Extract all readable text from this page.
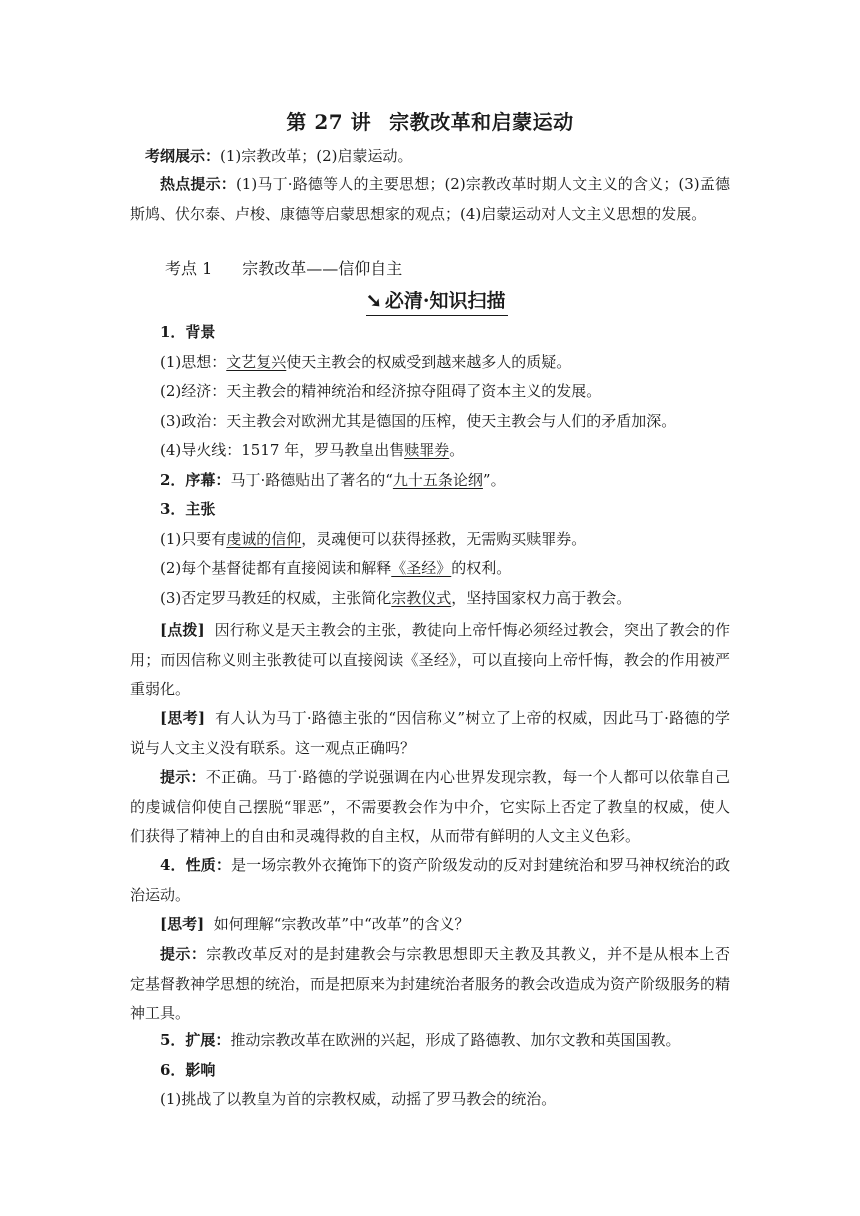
第 27 讲 宗教改革和启蒙运动
考纲展示：(1)宗教改革；(2)启蒙运动。
热点提示：(1)马丁·路德等人的主要思想；(2)宗教改革时期人文主义的含义；(3)孟德斯鸠、伏尔泰、卢梭、康德等启蒙思想家的观点；(4)启蒙运动对人文主义思想的发展。
考点 1 宗教改革——信仰自主
➘ 必清·知识扫描
1．背景
(1)思想：文艺复兴使天主教会的权威受到越来越多人的质疑。
(2)经济：天主教会的精神统治和经济掠夺阻碍了资本主义的发展。
(3)政治：天主教会对欧洲尤其是德国的压榨，使天主教会与人们的矛盾加深。
(4)导火线：1517 年，罗马教皇出售赎罪券。
2．序幕：马丁·路德贴出了著名的“九十五条论纲”。
3．主张
(1)只要有虔诚的信仰，灵魂便可以获得拯救，无需购买赎罪券。
(2)每个基督徒都有直接阅读和解释《圣经》的权利。
(3)否定罗马教廷的权威，主张简化宗教仪式，坚持国家权力高于教会。
[点拨] 因行称义是天主教会的主张，教徒向上帝忏悔必须经过教会，突出了教会的作用；而因信称义则主张教徒可以直接阅读《圣经》，可以直接向上帝忏悔，教会的作用被严重弱化。
[思考] 有人认为马丁·路德主张的“因信称义”树立了上帝的权威，因此马丁·路德的学说与人文主义没有联系。这一观点正确吗？
提示：不正确。马丁·路德的学说强调在内心世界发现宗教，每一个人都可以依靠自己的虔诚信仰使自己摆脱“罪恶”，不需要教会作为中介，它实际上否定了教皇的权威，使人们获得了精神上的自由和灵魂得救的自主权，从而带有鲜明的人文主义色彩。
4．性质：是一场宗教外衣掩饰下的资产阶级发动的反对封建统治和罗马神权统治的政治运动。
[思考] 如何理解“宗教改革”中“改革”的含义？
提示：宗教改革反对的是封建教会与宗教思想即天主教及其教义，并不是从根本上否定基督教神学思想的统治，而是把原来为封建统治者服务的教会改造成为资产阶级服务的精神工具。
5．扩展：推动宗教改革在欧洲的兴起，形成了路德教、加尔文教和英国国教。
6．影响
(1)挑战了以教皇为首的宗教权威，动摇了罗马教会的统治。
